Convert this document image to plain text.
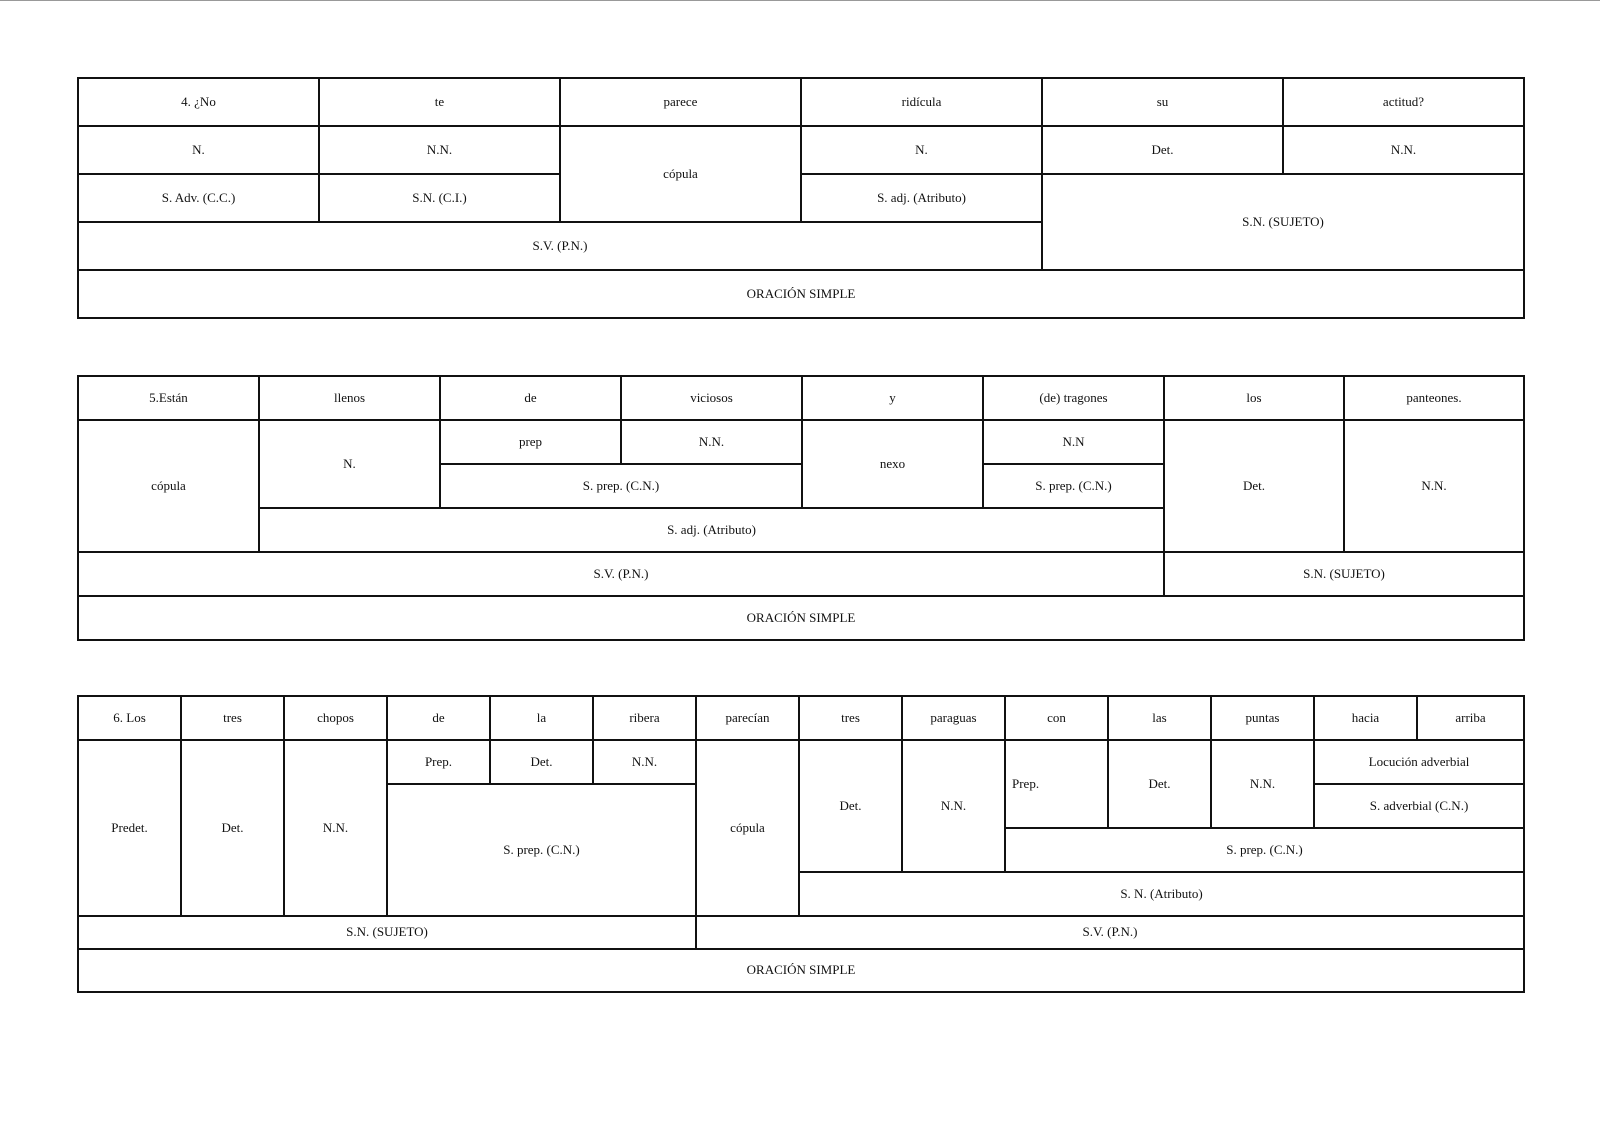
4. ¿No	te	parece	ridícula	su	actitud?
N.	N.N.	cópula	N.	Det.	N.N.
S. Adv. (C.C.)	S.N. (C.I.)		S. adj. (Atributo)	S.N. (SUJETO)	
S.V. (P.N.)					
ORACIÓN SIMPLE					
5.Están	llenos	de	viciosos	y	(de) tragones	los	panteones.
cópula	N.	prep	N.N.	nexo	N.N	Det.	N.N.
		S. prep. (C.N.)			S. prep. (C.N.)		
	S. adj. (Atributo)						
S.V. (P.N.)						S.N. (SUJETO)	
ORACIÓN SIMPLE							
6. Los	tres	chopos	de	la	ribera	parecían	tres	paraguas	con	las	puntas	hacia	arriba
Predet.	Det.	N.N.	Prep.	Det.	N.N.	cópula	Det.	N.N.	Prep.	Det.	N.N.	Locución adverbial	
			S. prep. (C.N.)									S. adverbial (C.N.)	
									S. prep. (C.N.)				
							S. N. (Atributo)						
S.N. (SUJETO)						S.V. (P.N.)							
ORACIÓN SIMPLE													
